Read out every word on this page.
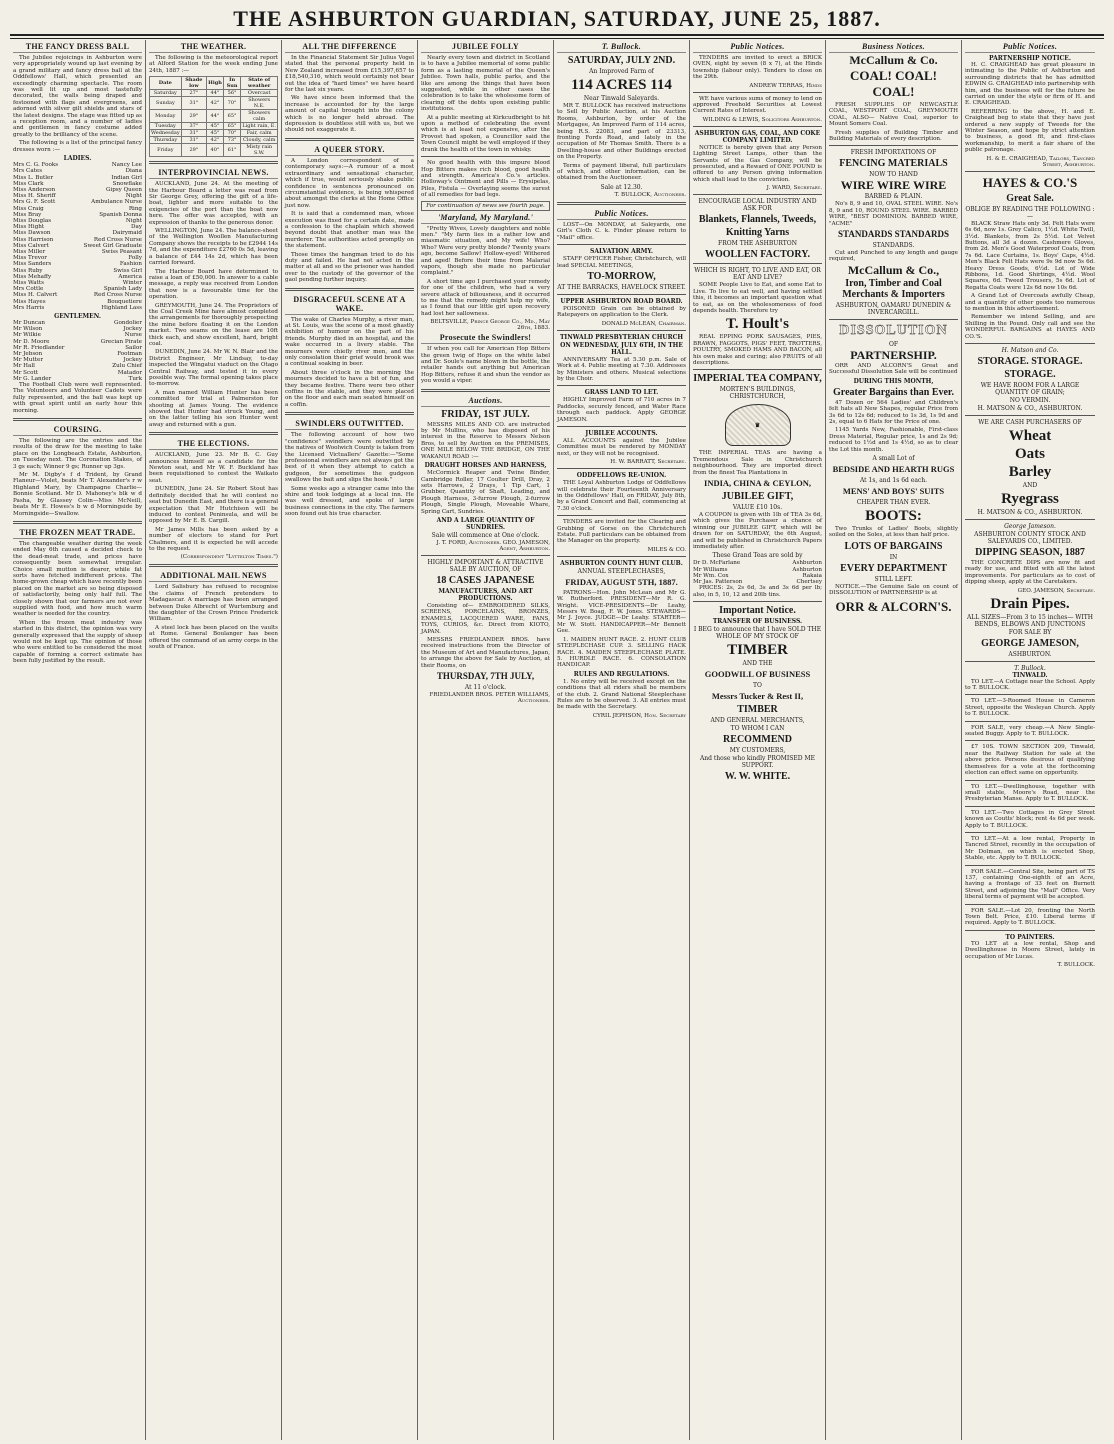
THE ASHBURTON GUARDIAN, SATURDAY, JUNE 25, 1887.
THE FANCY DRESS BALL

The Jubilee rejoicings in Ashburton were very appropriately wound up last evening by a grand military and fancy dress ball at the Oddfellows' Hall, which presented an exceedingly charming spectacle. The room was well lit up and most tastefully decorated, the walls being draped and festooned with flags and evergreens, and adorned with silver gilt shields and stars of the latest designs. The stage was fitted up as a reception room, and a number of ladies and gentlemen in fancy costume added greatly to the brilliancy of the scene.

The following is a list of the principal fancy dresses worn :—

LADIES.
Mrs C. G. Fooks	Nancy Lee
Mrs Cates	Diana
Miss L. Butler	Indian Girl
Miss Clark	Snowflake
Miss Anderson	Gipsy Queen
Miss H. Sheriff	Night
Mrs G. F. Scott	Ambulance Nurse
Miss Craig	Ring
Miss Bray	Spanish Donna
Miss Douglas	Night
Miss Hight	Day
Miss Dawson	Dairymaid
Miss Harrison	Red Cross Nurse
Miss Calvert	Sweet Girl Graduate
Miss Miller	Swiss Peasant
Miss Trevor	Folly
Miss Sanders	Fashion
Miss Ruby	Swiss Girl
Miss Mehaffy	America
Miss Watts	Winter
Mrs Cottle	Spanish Lady
Miss H. Calvert	Red Cross Nurse
Miss Hayes	Bouquetiere
Mrs Harris	Highland Lass
GENTLEMEN.
Mr Duncan	Gondolier
Mr Wilson	Jockey
Mr Wilkie	Nurse
Mr D. Moore	Grecian Pirate
Mr R. Friedlander	Sailor
Mr Jebson	Footman
Mr Mutter	Jockey
Mr Hall	Zulu Chief
Mr Scott	Matador
Mr G. Lander	Turk

The Football Club were well represented. The Volunteers and Volunteer Cadets were fully represented, and the ball was kept up with great spirit until an early hour this morning.

COURSING.

The following are the entries and the results of the draw for the meeting to take place on the Longbeach Estate, Ashburton, on Tuesday next. The Coronation Stakes, of 3 gs each; Winner 9 gs; Runner up 3gs.

Mr M. Digby's f d Trident, by Grand Flaneur—Violet, beats Mr T. Alexander's r w Highland Mary, by Champagne Charlie—Bonnie Scotland. Mr D. Mahoney's blk w d Pasha, by Glassey Colin—Miss McNeill, beats Mr E. Howes's b w d Morningside by Morningside—Swallow.

THE FROZEN MEAT TRADE.

The changeable weather during the week ended May 6th caused a decided check to the dead-meat trade, and prices have consequently been somewhat irregular. Choice small mutton is dearer, while fat sorts have fetched indifferent prices. The home-grown cheap which have recently been placed on the market are so being disposed of satisfactorily, being only half full. The closely shown that our farmers are not ever supplied with food, and how much warm weather is needed for the country.

When the frozen meat industry was started in this district, the opinion was very generally expressed that the supply of sheep would not be kept up. The opinion of those who were entitled to be considered the most capable of forming a correct estimate has been fully justified by the result.

THE WEATHER.

The following is the meteorological report at Alford Station for the week ending June 24th, 1887 :—

Date	Shade low	High	In Sun	State of weather
Saturday	27°	44°	56°	Overcast
Sunday	31°	42°	70°	Showers N.E.
Monday	29°	44°	65°	Showers calm
Tuesday	37°	45°	65°	Light rain, E.
Wednesday	31°	45°	70°	Fair, calm
Thursday	31°	42°	73°	Cloudy, calm
Friday	29°	40°	61°	Misty rain S.W.
INTERPROVINCIAL NEWS.

AUCKLAND, June 24. At the meeting of the Harbour Board a letter was read from Sir George Grey, offering the gift of a life-boat, lighter and more suitable to the exigencies of the port than the boat now here. The offer was accepted, with an expression of thanks to the generous donor.

WELLINGTON, June 24. The balance-sheet of the Wellington Woollen Manufacturing Company shows the receipts to be £2944 14s 7d, and the expenditure £2760 0s 5d, leaving a balance of £44 14s 2d, which has been carried forward.

The Harbour Board have determined to raise a loan of £50,000. In answer to a cable message, a reply was received from London that now is a favourable time for the operation.

GREYMOUTH, June 24. The Proprietors of the Coal Creek Mine have almost completed the arrangements for thoroughly prospecting the mine before floating it on the London market. Two seams on the lease are 10ft thick each, and show excellent, hard, bright coal.

DUNEDIN, June 24. Mr W. N. Blair and the District Engineer, Mr Lindsay, to-day inspected the Wingatui viaduct on the Otago Central Railway, and tested it in every possible way. The formal opening takes place to-morrow.

A man named William Hunter has been committed for trial at Palmerston for shooting at James Young. The evidence showed that Hunter had struck Young, and on the latter telling his son Hunter went away and returned with a gun.

THE ELECTIONS.

AUCKLAND, June 23. Mr B. C. Guy announces himself as a candidate for the Newton seat, and Mr W. F. Buckland has been requisitioned to contest the Waikato seat.

DUNEDIN, June 24. Sir Robert Stout has definitely decided that he will contest no seat but Dunedin East, and there is a general expectation that Mr Hutchison will be induced to contest Peninsula, and will be opposed by Mr E. B. Cargill.

Mr James Mills has been asked by a number of electors to stand for Port Chalmers, and it is expected he will accede to the request.

(Correspondent "Lyttelton Times.")
ADDITIONAL MAIL NEWS

Lord Salisbury has refused to recognise the claims of French pretenders to Madagascar. A marriage has been arranged between Duke Albrecht of Wurtemburg and the daughter of the Crown Prince Frederick William.

A steel lock has been placed on the vaults at Rome. General Boulanger has been offered the command of an army corps in the south of France.

ALL THE DIFFERENCE

In the Financial Statement Sir Julius Vogel stated that the personal property held in New Zealand increased from £15,397,657 to £18,540,316, which would certainly not bear out the idea of "hard times" we have heard for the last six years.

We have since been informed that the increase is accounted for by the large amount of capital brought into the colony which is no longer held abroad. The depression is doubtless still with us, but we should not exaggerate it.

A QUEER STORY.

A London correspondent of a contemporary says:—A rumour of a most extraordinary and sensational character, which if true, would seriously shake public confidence in sentences pronounced on circumstantial evidence, is being whispered about amongst the clerks at the Home Office just now.

It is said that a condemned man, whose execution was fixed for a certain date, made a confession to the chaplain which showed beyond doubt that another man was the murderer. The authorities acted promptly on the statement.

Those times the hangman tried to do his duty and failed. He had not acted in the matter at all and so the prisoner was handed over to the custody of the governor of the gaol pending further inquiry.

DISGRACEFUL SCENE AT A WAKE.

The wake of Charles Murphy, a river man, at St. Louis, was the scene of a most ghastly exhibition of humour on the part of his friends. Murphy died in an hospital, and the wake occurred in a livery stable. The mourners were chiefly river men, and the only consolation their grief would brook was a continual soaking in beer.

About three o'clock in the morning the mourners decided to have a bit of fun, and they became festive. There were two other coffins in the stable, and they were placed on the floor and each man seated himself on a coffin.

SWINDLERS OUTWITTED.

The following account of how two "confidence" swindlers were outwitted by the natives of Woolwich County is taken from the Licensed Victuallers' Gazette:—"Some professional swindlers are not always got the best of it when they attempt to catch a gudgeon, for sometimes the gudgeon swallows the bait and slips the hook."

Some weeks ago a stranger came into the shire and took lodgings at a local inn. He was well dressed, and spoke of large business connections in the city. The farmers soon found out his true character.

JUBILEE FOLLY

Nearly every town and district in Scotland is to have a Jubilee memorial of some public form as a lasting memorial of the Queen's Jubilee. Town halls, public parks, and the like are among the things that have been suggested, while in other cases the celebration is to take the wholesome form of clearing off the debts upon existing public institutions.

At a public meeting at Kirkcudbright to hit upon a method of celebrating the event which is at least not expensive, after the Provost had spoken, a Councillor said the Town Council might be well employed if they drank the health of the town in whisky.

No good health with this impure blood Hop Bitters makes rich blood, good health and strength. America's Co.'s articles. Holloway's Ointment and Pills — Erysipelas, Piles, Fistula — Overlaying seems the surest of all remedies for bad legs.

For continuation of news see fourth page.
'Maryland, My Maryland.'

"Pretty Wives, Lovely daughters and noble men." "My farm lies in a rather low and miasmatic situation, and My wife! Who? Who? Were very pretty blonde? Twenty years ago, become Sallow! Hollow-eyed! Withered and aged! Before their time from Malarial vapors, though she made no particular complaint."

A short time ago I purchased your remedy for one of the children, who had a very severe attack of biliousness, and it occurred to me that the remedy might help my wife, as I found that our little girl upon recovery had lost her sallowness.

BELTSVILLE, Prince George Co., Md., May 26th, 1883.
Prosecute the Swindlers!

If when you call for American Hop Bitters the green twig of Hops on the white label and Dr. Soule's name blown in the bottle, the retailer hands out anything but American Hop Bitters, refuse it and shun the vendor as you would a viper.

Auctions.
FRIDAY, 1ST JULY.

MESSRS MILES AND CO. are instructed by Mr Mullins, who has disposed of his interest in the Reserve to Messrs Nelson Bros, to sell by Auction on the PREMISES, ONE MILE BELOW THE BRIDGE, ON THE WAKANUI ROAD :—

DRAUGHT HORSES AND HARNESS,

McCormick Reaper and Twine Binder, Cambridge Roller, 17 Coulter Drill, Dray, 2 sets Harrows, 2 Drays, 1 Tip Cart, 1 Grubber, Quantity of Shaft, Leading, and Plough Harness, 3-furrow Plough, 2-furrow Plough, Single Plough, Moveable Whare, Spring Cart, Sundries.

AND A LARGE QUANTITY OF SUNDRIES.
Sale will commence at One o'clock.
J. T. FORD, Auctioneer. GEO. JAMESON, Agent, Ashburton.
HIGHLY IMPORTANT & ATTRACTIVE SALE BY AUCTION, OF
18 CASES JAPANESE
MANUFACTURES, AND ART PRODUCTIONS.

Consisting of— EMBROIDERED SILKS, SCREENS, PORCELAINS, BRONZES, ENAMELS, LACQUERED WARE, FANS, TOYS, CURIOS, &c. Direct from KIOTO, JAPAN.

MESSRS FRIEDLANDER BROS. have received instructions from the Director of the Museum of Art and Manufactures, Japan, to arrange the above for Sale by Auction, at their Rooms, on

THURSDAY, 7TH JULY,
At 11 o'clock.
FRIEDLANDER BROS. PETER WILLIAMS, Auctioneer.
T. Bullock.
SATURDAY, JULY 2ND.
An Improved Farm of
114 ACRES 114
Near Tinwald Saleyards.

MR T. BULLOCK has received instructions to Sell by Public Auction, at his Auction Rooms, Ashburton, by order of the Mortgagee, An Improved Farm of 114 acres, being R.S. 22083, and part of 23313, fronting Fords Road, and lately in the occupation of Mr Thomas Smith. There is a Dwelling-house and other Buildings erected on the Property.

Terms of payment liberal, full particulars of which, and other information, can be obtained from the Auctioneer.

Sale at 12.30.
T. BULLOCK, Auctioneer.
Public Notices.

LOST—On MONDAY, at Saleyards, one Girl's Cloth C. k. Finder please return to "Mail" office.

SALVATION ARMY.

STAFF OFFICER Fisher, Christchurch, will lead SPECIAL MEETINGS,

TO-MORROW,
AT THE BARRACKS, HAVELOCK STREET.
UPPER ASHBURTON ROAD BOARD.

POISONED Grain can be obtained by Ratepayers on application to the Clerk.

DONALD McLEAN, Chairman.
TINWALD PRESBYTERIAN CHURCH
ON WEDNESDAY, JULY 6TH, IN THE HALL.

ANNIVERSARY Tea at 5.30 p.m. Sale of Work at 4. Public meeting at 7.30. Addresses by Ministers and others. Musical selections by the Choir.

GRASS LAND TO LET.

HIGHLY Improved Farm of 710 acres in 7 Paddocks, securely fenced, and Water Race through each paddock. Apply GEORGE JAMESON.

JUBILEE ACCOUNTS.

ALL ACCOUNTS against the Jubilee Committee must be rendered by MONDAY next, or they will not be recognised.

H. W. BARRATT, Secretary.
ODDFELLOWS RE-UNION.

THE Loyal Ashburton Lodge of Oddfellows will celebrate their Fourteenth Anniversary in the Oddfellows' Hall, on FRIDAY, July 8th, by a Grand Concert and Ball, commencing at 7.30 o'clock.

TENDERS are invited for the Clearing and Grubbing of Gorse on the Christchurch Estate. Full particulars can be obtained from the Manager on the property.

MILES & CO.
ASHBURTON COUNTY HUNT CLUB.
ANNUAL STEEPLECHASES,
FRIDAY, AUGUST 5TH, 1887.

PATRONS—Hon. John McLean and Mr G. W. Rutherford. PRESIDENT—Mr R. G. Wright. VICE-PRESIDENTS—Dr Leahy, Messrs W. Boag, F. W. Jones. STEWARDS—Mr J. Joyce. JUDGE—Dr Leahy. STARTER—Mr W. Stott. HANDICAPPER—Mr Bennett Gee.

1. MAIDEN HUNT RACE. 2. HUNT CLUB STEEPLECHASE CUP. 3. SELLING HACK RACE. 4. MAIDEN STEEPLECHASE PLATE. 5. HURDLE RACE. 6. CONSOLATION HANDICAP.

RULES AND REGULATIONS.

1. No entry will be received except on the conditions that all riders shall be members of the club. 2. Grand National Steeplechase Rules are to be observed. 3. All entries must be made with the Secretary.

CYRIL JEPHSON, Hon. Secretary
Public Notices.

TENDERS are invited to erect a BRICK OVEN, eight by seven (8 x 7), at the Hinds township (labour only). Tenders to close on the 29th.

ANDREW TERRAS, Hinds

WE have various sums of money to lend on approved Freehold Securities at Lowest Current Rates of Interest.

WILDING & LEWIS, Solicitors Ashburton.
ASHBURTON GAS, COAL, AND COKE COMPANY LIMITED.

NOTICE is hereby given that any Person Lighting Street Lamps, other than the Servants of the Gas Company, will be prosecuted, and a Reward of ONE POUND is offered to any Person giving information which shall lead to the conviction.

J. WARD, Secretary.
ENCOURAGE LOCAL INDUSTRY AND ASK FOR
Blankets, Flannels, Tweeds,
Knitting Yarns
FROM THE ASHBURTON
WOOLLEN FACTORY.
WHICH IS RIGHT, TO LIVE AND EAT, OR EAT AND LIVE?

SOME People Live to Eat, and some Eat to Live. To live to eat well, and having settled this, it becomes an important question what to eat, as on the wholesomeness of food depends health. Therefore try

T. Hoult's

REAL EPPING PORK SAUSAGES, PIES, BRAWN, FAGGOTS, PIGS' FEET, TROTTERS, POULTRY, SMOKED HAMS AND BACON, all his own make and curing; also FRUITS of all descriptions.

IMPERIAL TEA COMPANY,
MORTEN'S BUILDINGS, CHRISTCHURCH,
♛

THE IMPERIAL TEAS are having a Tremendous Sale in Christchurch neighbourhood. They are imported direct from the finest Tea Plantations in

INDIA, CHINA & CEYLON,
JUBILEE GIFT,
VALUE £10 10s.

A COUPON is given with 1lb of TEA 3s 6d, which gives the Purchaser a chance of winning our JUBILEE GIFT, which will be drawn for on SATURDAY, the 6th August, and will be published in Christchurch Papers immediately after.

These Grand Teas are sold by
Dr D. McFarlane	Ashburton
Mr Williams	Ashburton
Mr Wm. Cox	Rakaia
Mr Jas. Patterson	Chertsey

PRICES: 2s, 2s 6d, 3s and 3s 6d per lb; also, in 5, 10, 12 and 20lb tins.

Important Notice.
TRANSFER OF BUSINESS.
I BEG to announce that I have SOLD THE WHOLE OF MY STOCK OF
TIMBER
AND THE
GOODWILL OF BUSINESS
TO
Messrs Tucker & Rest II,
TIMBER
AND GENERAL MERCHANTS,
TO WHOM I CAN
RECOMMEND
MY CUSTOMERS,
And those who kindly PROMISED ME SUPPORT.
W. W. WHITE.
Business Notices.
McCallum & Co.
COAL! COAL! COAL!

FRESH SUPPLIES OF NEWCASTLE COAL, WESTPORT COAL, GREYMOUTH COAL, ALSO— Native Coal, superior to Mount Somers Coal.

Fresh supplies of Building Timber and Building Materials of every description.

FRESH IMPORTATIONS OF
FENCING MATERIALS
NOW TO HAND
WIRE WIRE WIRE
BARBED & PLAIN.

No's 8, 9 and 10, OVAL STEEL WIRE. No's 8, 9 and 10, ROUND STEEL WIRE. BARBED WIRE, "BEST DOMINION. BARBED WIRE, "ACME"

STANDARDS STANDARDS
STANDARDS.

Cut and Punched to any length and gauge required,

McCallum & Co.,
Iron, Timber and Coal Merchants & Importers
ASHBURTON, OAMARU DUNEDIN & INVERCARGILL.
DISSOLUTION
OF
PARTNERSHIP.

ORR AND ALCORN'S Great and Successful Dissolution Sale will be continued

DURING THIS MONTH,
Greater Bargains than Ever.

47 Dozen or 564 Ladies' and Children's felt hats all New Shapes, regular Price from 3s 6d to 12s 6d; reduced to 1s 3d, 1s 9d and 2s, equal to 6 Hats for the Price of one.

1145 Yards New, Fashionable, First-class Dress Material, Regular price, 1s and 2s 9d; reduced to 1½d and 1s 4½d, so as to clear the Lot this month.

A small Lot of
BEDSIDE AND HEARTH RUGS
At 1s, and 1s 6d each.
MENS' AND BOYS' SUITS
CHEAPER THAN EVER.
BOOTS:

Two Trunks of Ladies' Boots, slightly soiled on the Soles, at less than half price.

LOTS OF BARGAINS
IN
EVERY DEPARTMENT
STILL LEFT.

NOTICE.—The Genuine Sale on count of DISSOLUTION of PARTNERSHIP is at

ORR & ALCORN'S.
Public Notices.
PARTNERSHIP NOTICE.

H. C. CRAIGHEAD has great pleasure in intimating to the Public of Ashburton and surrounding districts that he has admitted EDWIN G. CRAIGHEAD into partnership with him, and the business will for the future be carried on under the style or firm of H. and E. CRAIGHEAD.

REFERRING to the above, H. and E. Craighead beg to state that they have just ordered a new supply of Tweeds for the Winter Season, and hope by strict attention to business, a good fit, and first-class workmanship, to merit a fair share of the public patronage.

H. & E. CRAIGHEAD, Tailors, Tancred Street, Ashburton.
HAYES & CO.'S
Great Sale.
OBLIGE BY READING THE FOLLOWING :—

BLACK Straw Hats only 3d. Felt Hats were 6s 6d, now 1s. Grey Calico, 1½d. White Twill, 3½d. Blankets, from 2s 5½d. Lot Velvet Buttons, all 3d a dozen. Cashmere Gloves, from 2d. Men's Good Waterproof Coats, from 7s 6d. Lace Curtains, 1s. Boys' Caps, 4½d. Men's Black Felt Hats were 9s 9d now 5s 6d. Heavy Dress Goods, 6½d. Lot of Wide Ribbons, 1d. Good Shirtings, 4½d. Wool Squares, 6d. Tweed Trousers, 5s 6d. Lot of Regatta Coats were 12s 6d now 10s 6d.

A Grand Lot of Overcoats awfully Cheap, and a quantity of other goods too numerous to mention in this advertisement.

Remember we intend Selling, and are Shilling in the Pound. Only call and see the WONDERFUL BARGAINS at HAYES AND CO.'S.

H. Matson and Co.
STORAGE. STORAGE.
STORAGE.
WE HAVE ROOM FOR A LARGE QUANTITY OF GRAIN;
NO VERMIN.
H. MATSON & CO., ASHBURTON.
WE ARE CASH PURCHASERS OF
Wheat
Oats
Barley
AND
Ryegrass
H. MATSON & CO., ASHBURTON.
George Jameson.
ASHBURTON COUNTY STOCK AND SALEYARDS CO., LIMITED.
DIPPING SEASON, 1887

THE CONCRETE DIPS are now fit and ready for use, and fitted with all the latest improvements. For particulars as to cost of dipping sheep, apply at the Caretakers.

GEO. JAMESON, Secretary.
Drain Pipes.
ALL SIZES—From 3 to 15 inches— WITH BENDS, ELBOWS AND JUNCTIONS
FOR SALE BY
GEORGE JAMESON,
ASHBURTON.
T. Bullock.
TINWALD.

TO LET.—A Cottage near the School. Apply to T. BULLOCK.

TO LET.—3-Roomed House in Cameron Street, opposite the Wesleyan Church. Apply to T. BULLOCK.

FOR SALE, very cheap.—A New Single-seated Buggy. Apply to T. BULLOCK.

£7 10S. TOWN SECTION 209, Tinwald, near the Railway Station for sale at the above price. Persons desirous of qualifying themselves for a vote at the forthcoming election can effect same on opportunity.

TO LET.—Dwellinghouse, together with small stable, Moore's Road, near the Presbyterian Manse. Apply to T. BULLOCK.

TO LET.—Two Cottages in Grey Street known as Coutts' block; rent 4s 6d per week. Apply to T. BULLOCK.

TO LET.—At a low rental, Property in Tancred Street, recently in the occupation of Mr Dolman, on which is erected Shop, Stable, etc. Apply to T. BULLOCK.

FOR SALE.—Central Site, being part of TS 137, containing One-eighth of an Acre, having a frontage of 33 feet on Burnett Street, and adjoining the "Mail" Office. Very liberal terms of payment will be accepted.

FOR SALE.—Lot 20, fronting the North Town Belt. Price, £10. Liberal terms if required. Apply to T. BULLOCK.

TO PAINTERS.

TO LET at a low rental, Shop and Dwellinghouse in Moore Street, lately in occupation of Mr Lucas.

T. BULLOCK.
